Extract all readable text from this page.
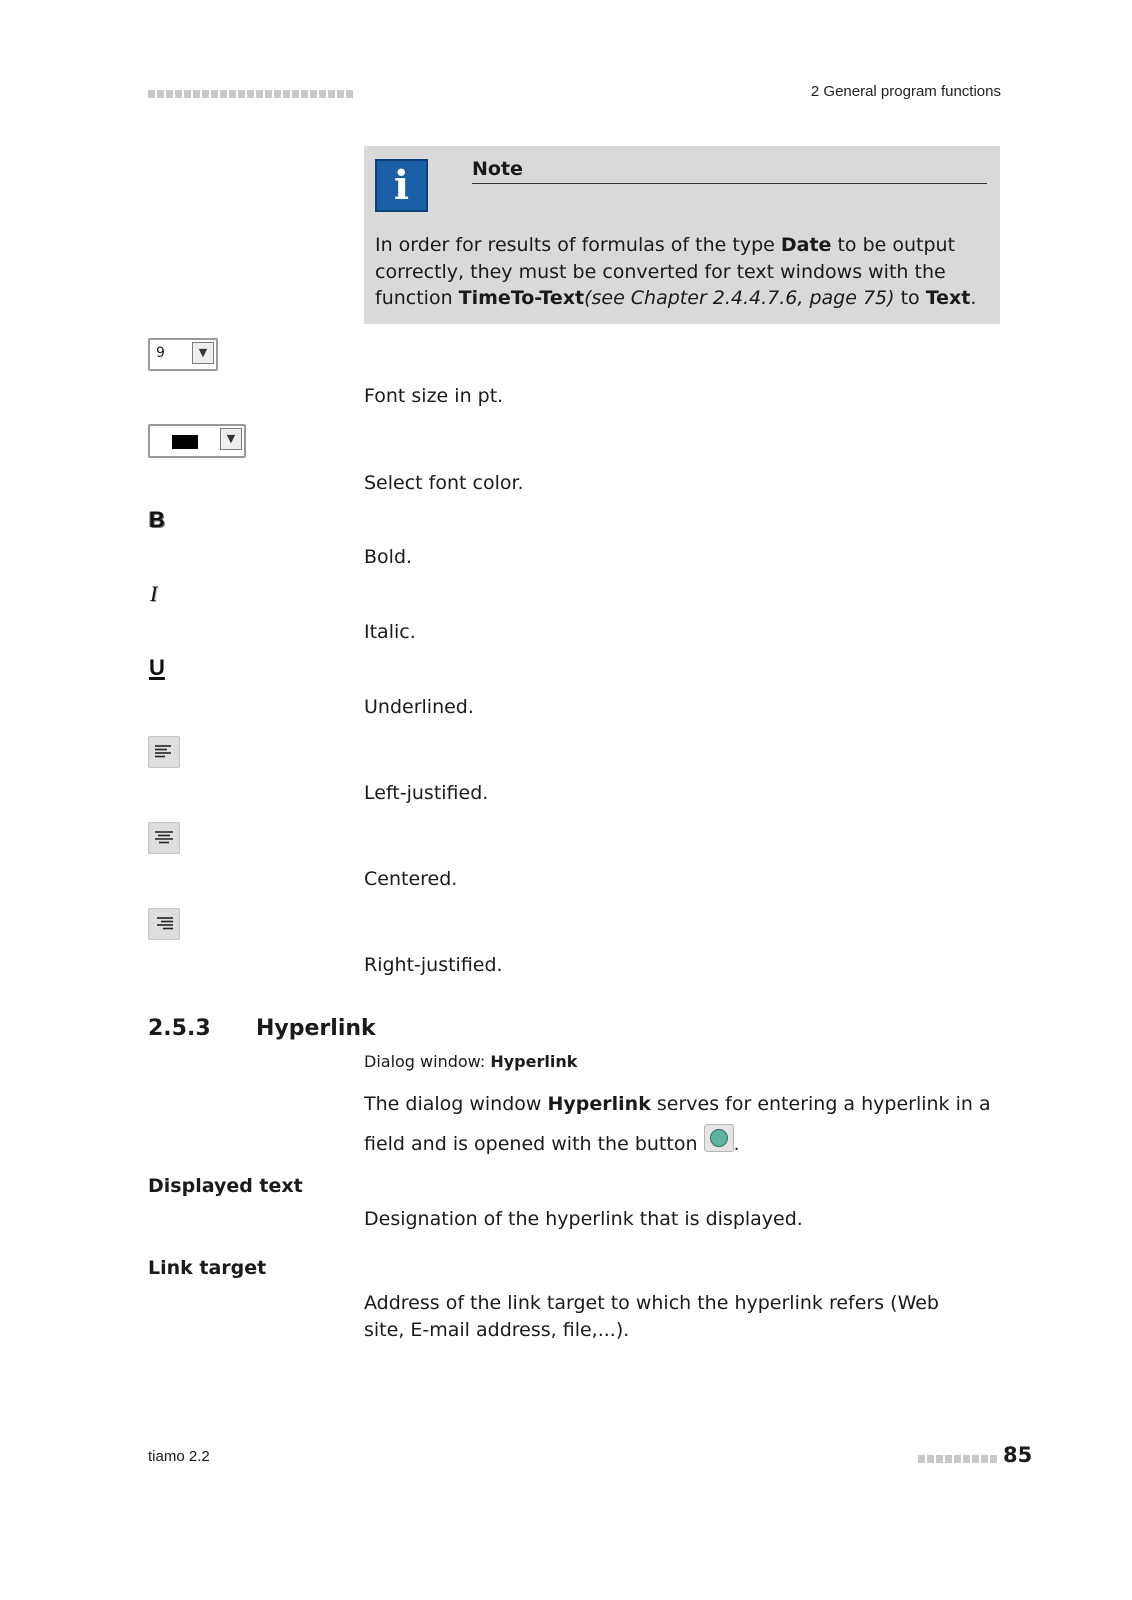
2 General program functions
i	Note
In order for results of formulas of the type Date to be output correctly, they must be converted for text windows with the function TimeTo-Text(see Chapter 2.4.4.7.6, page 75) to Text.
9	▼
Font size in pt.
▼
Select font color.
B
Bold.
I
Italic.
U
Underlined.
Left-justified.
Centered.
Right-justified.
2.5.3 Hyperlink
Dialog window: Hyperlink
The dialog window Hyperlink serves for entering a hyperlink in a field and is opened with the button .
Displayed text
Designation of the hyperlink that is displayed.
Link target
Address of the link target to which the hyperlink refers (Web site, E-mail address, file,...).
tiamo 2.2	85
